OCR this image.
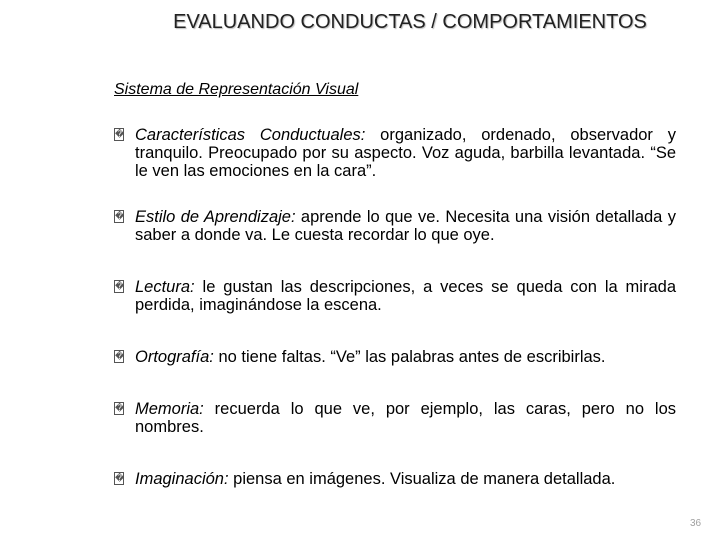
EVALUANDO CONDUCTAS / COMPORTAMIENTOS
Sistema de Representación Visual
� Características Conductuales: organizado, ordenado, observador y tranquilo. Preocupado por su aspecto. Voz aguda, barbilla levantada. “Se le ven las emociones en la cara”.
� Estilo de Aprendizaje: aprende lo que ve. Necesita una visión detallada y saber a donde va. Le cuesta recordar lo que oye.
� Lectura: le gustan las descripciones, a veces se queda con la mirada perdida, imaginándose la escena.
� Ortografía: no tiene faltas. “Ve” las palabras antes de escribirlas.
� Memoria: recuerda lo que ve, por ejemplo, las caras, pero no los nombres.
� Imaginación: piensa en imágenes. Visualiza de manera detallada.
36
